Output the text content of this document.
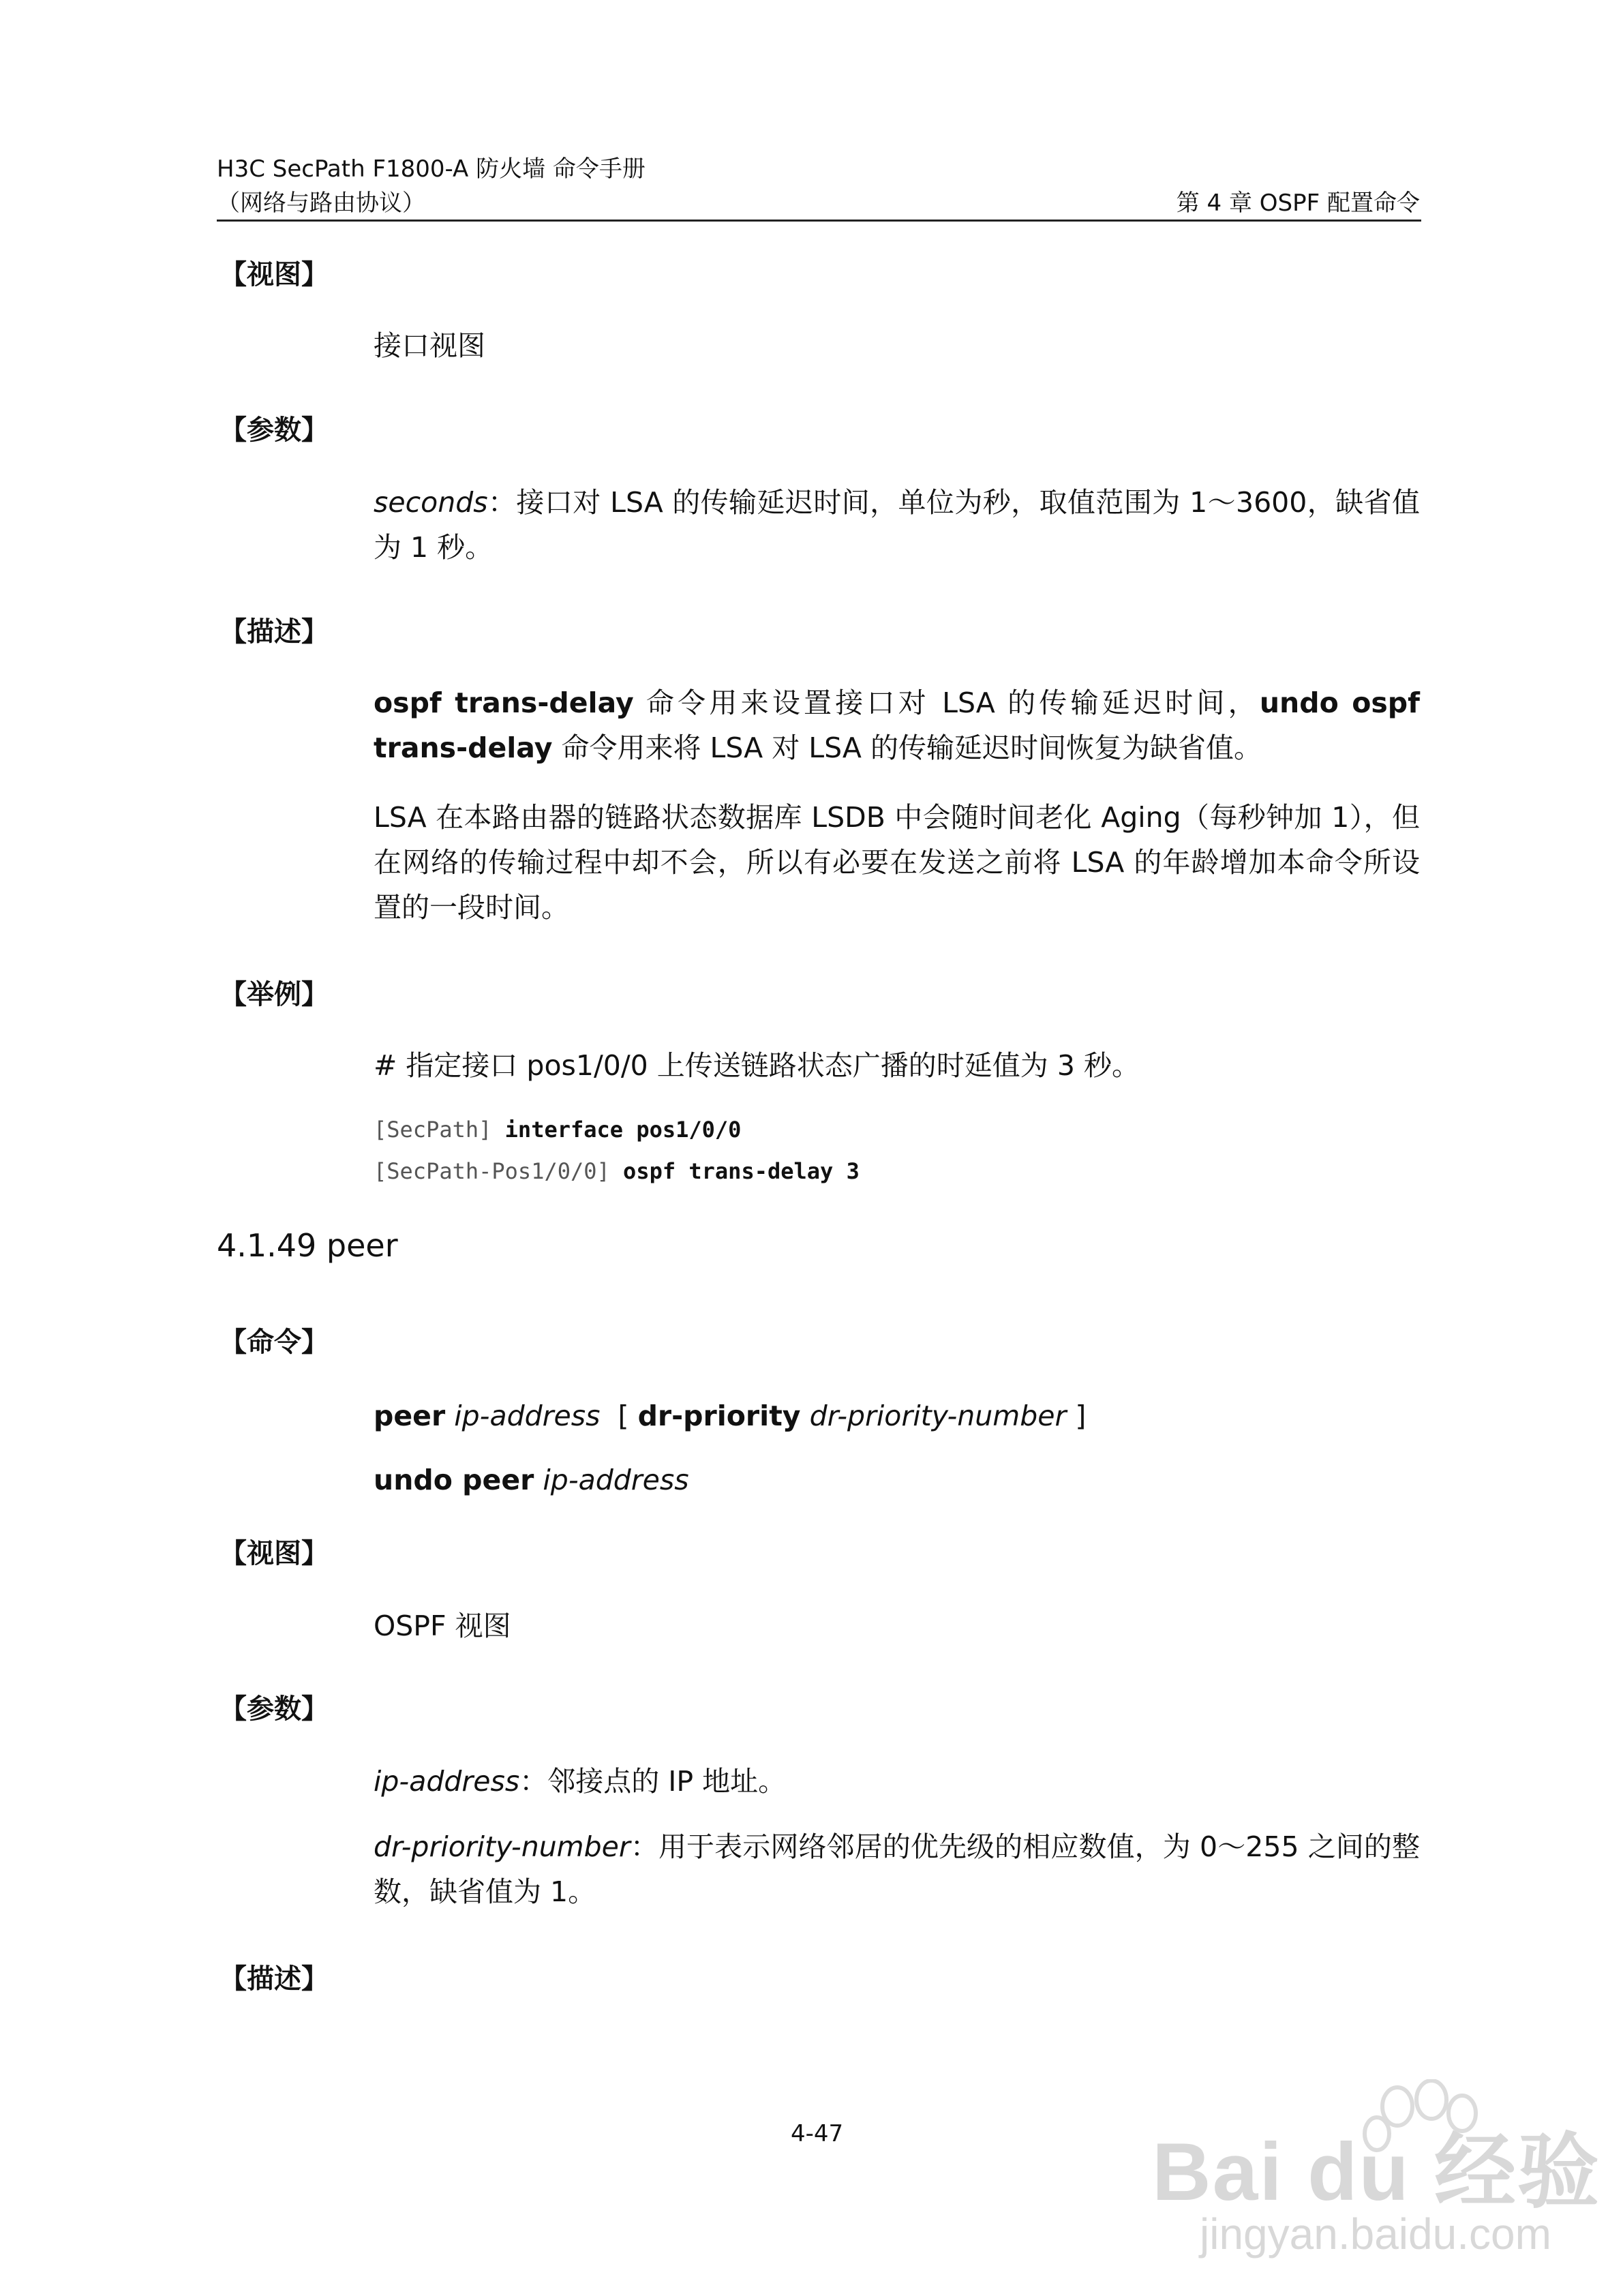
H3C SecPath F1800-A 防火墙 命令手册
（网络与路由协议）	第 4 章 OSPF 配置命令
【视图】
接口视图
【参数】
seconds：接口对 LSA 的传输延迟时间，单位为秒，取值范围为 1～3600，缺省值为 1 秒。
【描述】
ospf trans-delay 命令用来设置接口对 LSA 的传输延迟时间，undo ospf trans-delay 命令用来将 LSA 对 LSA 的传输延迟时间恢复为缺省值。
LSA 在本路由器的链路状态数据库 LSDB 中会随时间老化 Aging（每秒钟加 1），但在网络的传输过程中却不会，所以有必要在发送之前将 LSA 的年龄增加本命令所设置的一段时间。
【举例】
# 指定接口 pos1/0/0 上传送链路状态广播的时延值为 3 秒。
[SecPath] interface pos1/0/0
[SecPath-Pos1/0/0] ospf trans-delay 3
4.1.49 peer
【命令】
peer ip-address [ dr-priority dr-priority-number ]
undo peer ip-address
【视图】
OSPF 视图
【参数】
ip-address：邻接点的 IP 地址。
dr-priority-number：用于表示网络邻居的优先级的相应数值，为 0～255 之间的整数，缺省值为 1。
【描述】
4-47	Bai du 经验
jingyan.baidu.com
